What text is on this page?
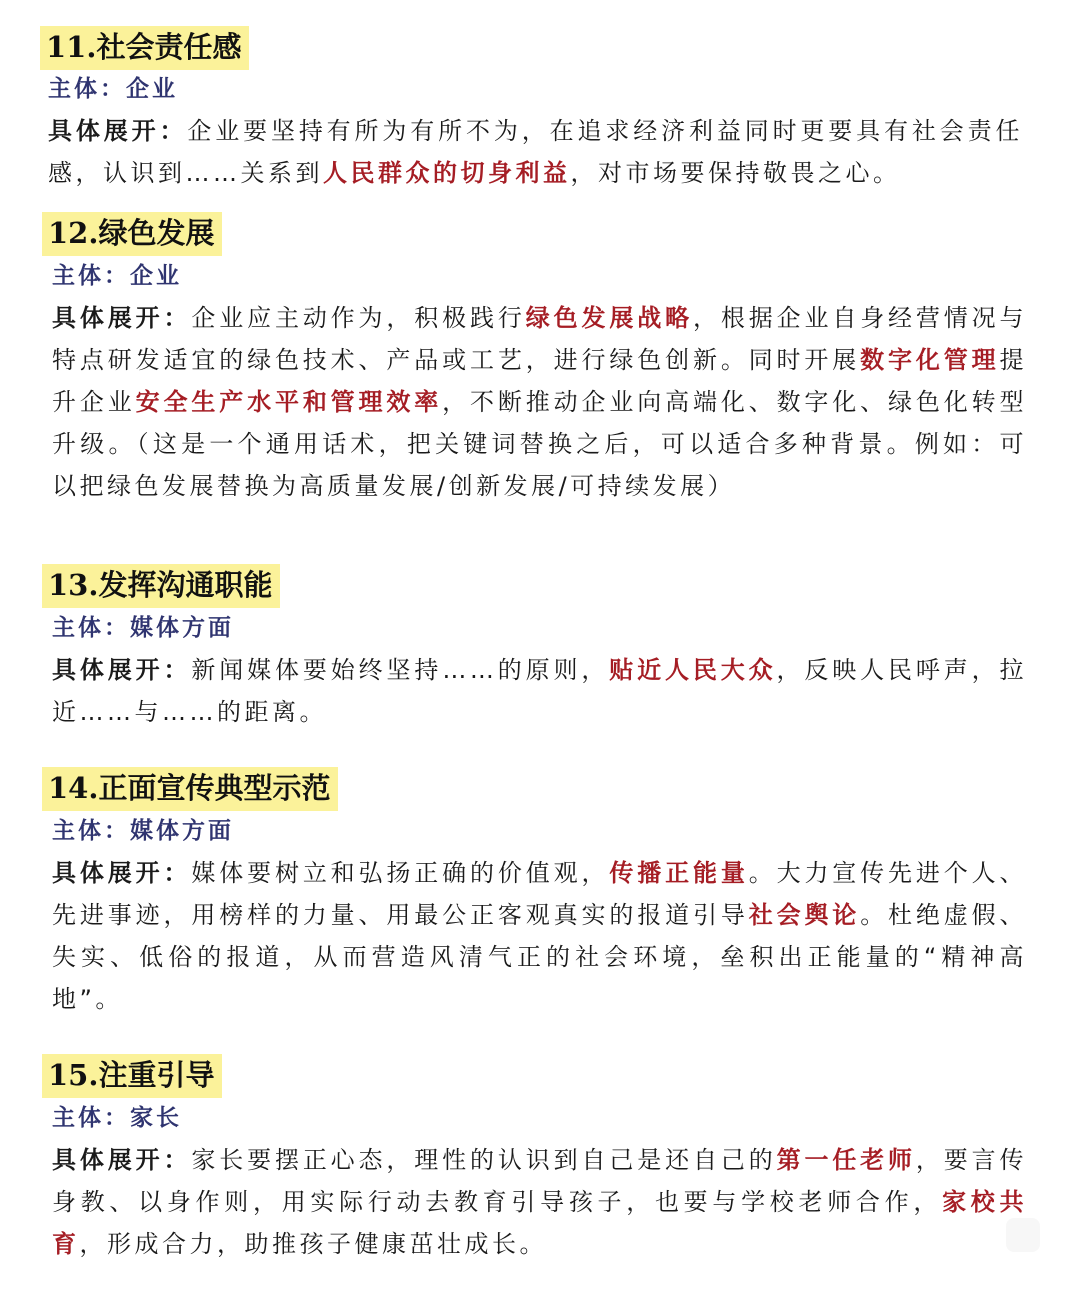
11.社会责任感
主体：企业
具体展开：企业要坚持有所为有所不为，在追求经济利益同时更要具有社会责任感，认识到……关系到人民群众的切身利益，对市场要保持敬畏之心。
12.绿色发展
主体：企业
具体展开：企业应主动作为，积极践行绿色发展战略，根据企业自身经营情况与特点研发适宜的绿色技术、产品或工艺，进行绿色创新。同时开展数字化管理提升企业安全生产水平和管理效率，不断推动企业向高端化、数字化、绿色化转型升级。（这是一个通用话术，把关键词替换之后，可以适合多种背景。例如：可以把绿色发展替换为高质量发展/创新发展/可持续发展）
13.发挥沟通职能
主体：媒体方面
具体展开：新闻媒体要始终坚持……的原则，贴近人民大众，反映人民呼声，拉近……与……的距离。
14.正面宣传典型示范
主体：媒体方面
具体展开：媒体要树立和弘扬正确的价值观，传播正能量。大力宣传先进个人、先进事迹，用榜样的力量、用最公正客观真实的报道引导社会舆论。杜绝虚假、失实、低俗的报道，从而营造风清气正的社会环境，垒积出正能量的“精神高地”。
15.注重引导
主体：家长
具体展开：家长要摆正心态，理性的认识到自己是还自己的第一任老师，要言传身教、以身作则，用实际行动去教育引导孩子，也要与学校老师合作，家校共育，形成合力，助推孩子健康茁壮成长。
